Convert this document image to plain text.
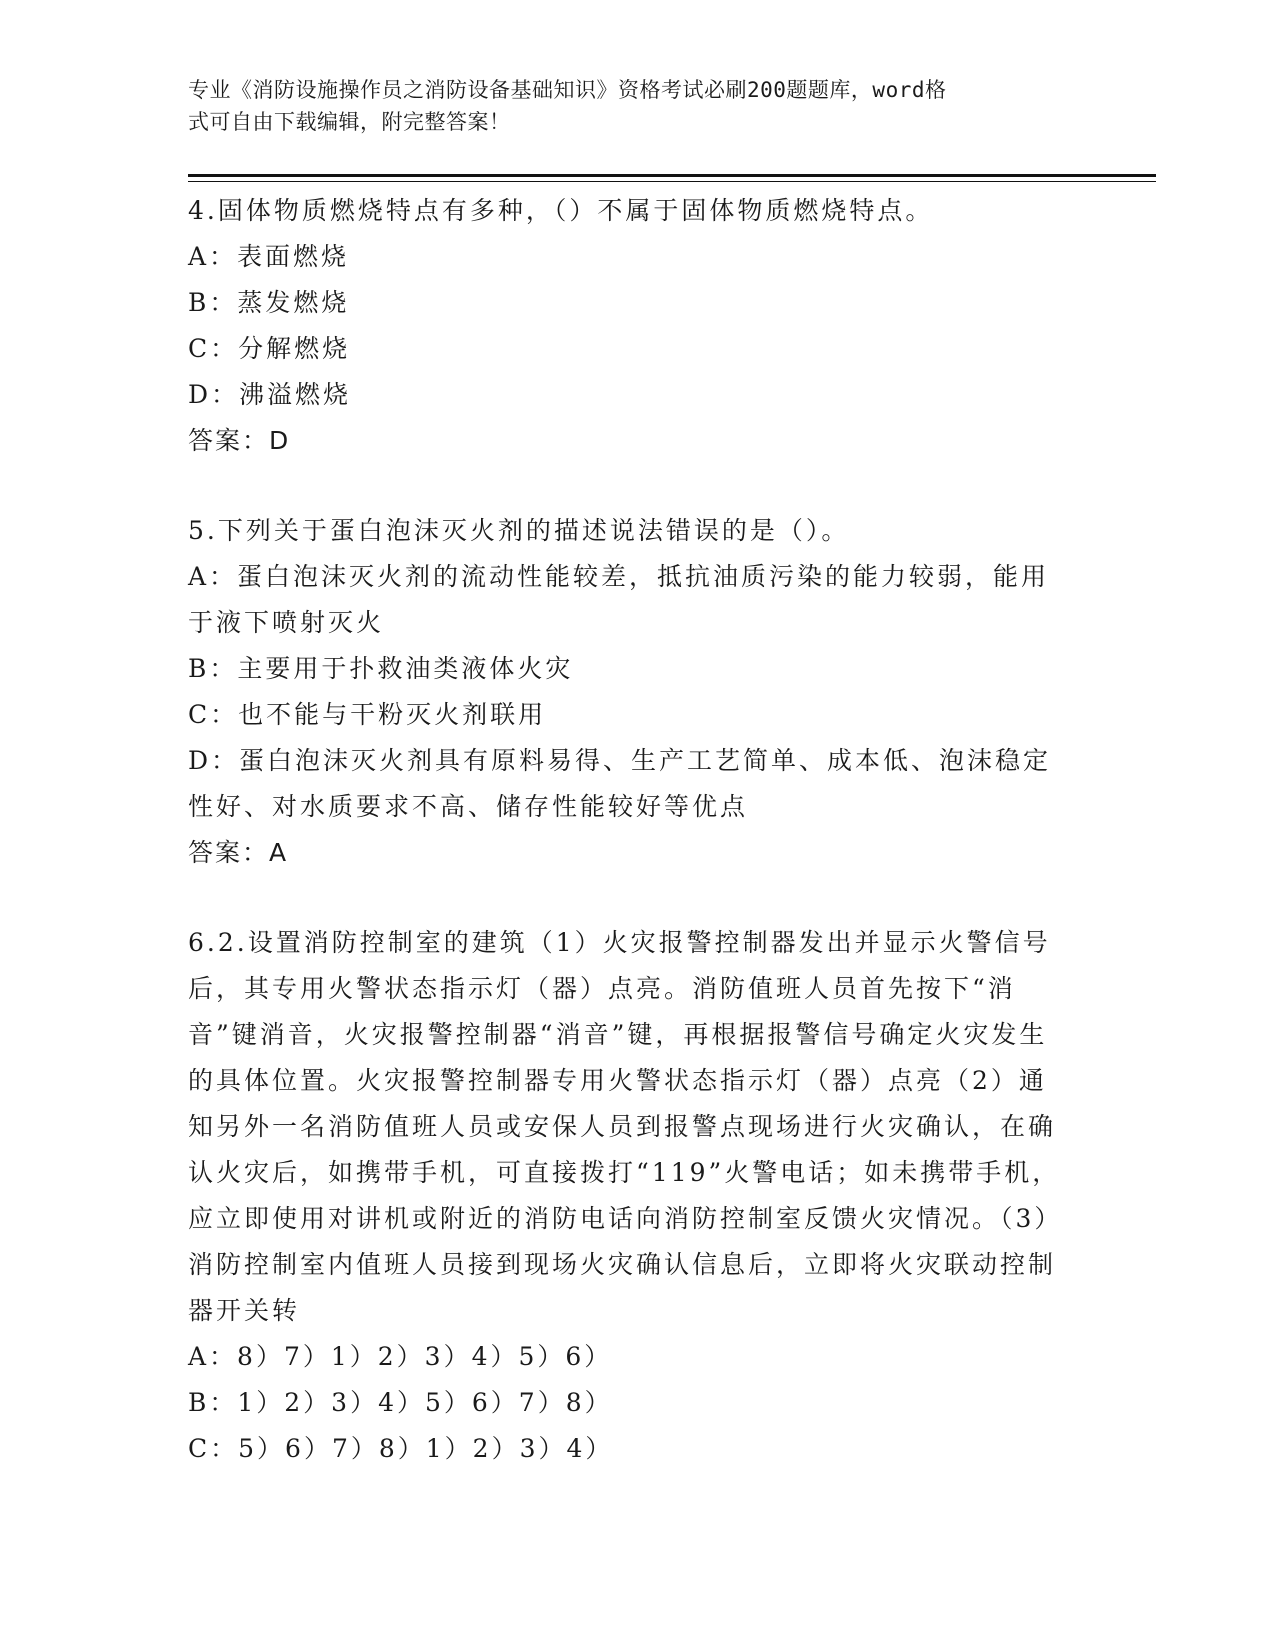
专业《消防设施操作员之消防设备基础知识》资格考试必刷200题题库，word格
式可自由下载编辑，附完整答案！

4.固体物质燃烧特点有多种，（）不属于固体物质燃烧特点。

A：表面燃烧

B：蒸发燃烧

C：分解燃烧

D：沸溢燃烧

答案：D

5.下列关于蛋白泡沫灭火剂的描述说法错误的是（）。

A：蛋白泡沫灭火剂的流动性能较差，抵抗油质污染的能力较弱，能用于液下喷射灭火

B：主要用于扑救油类液体火灾

C：也不能与干粉灭火剂联用

D：蛋白泡沫灭火剂具有原料易得、生产工艺简单、成本低、泡沫稳定性好、对水质要求不高、储存性能较好等优点

答案：A

6.2.设置消防控制室的建筑（1）火灾报警控制器发出并显示火警信号后，其专用火警状态指示灯（器）点亮。消防值班人员首先按下“消音”键消音，火灾报警控制器“消音”键，再根据报警信号确定火灾发生的具体位置。火灾报警控制器专用火警状态指示灯（器）点亮（2）通知另外一名消防值班人员或安保人员到报警点现场进行火灾确认，在确认火灾后，如携带手机，可直接拨打“119”火警电话；如未携带手机，应立即使用对讲机或附近的消防电话向消防控制室反馈火灾情况。（3）消防控制室内值班人员接到现场火灾确认信息后，立即将火灾联动控制器开关转

A：8）7）1）2）3）4）5）6）

B：1）2）3）4）5）6）7）8）

C：5）6）7）8）1）2）3）4）
